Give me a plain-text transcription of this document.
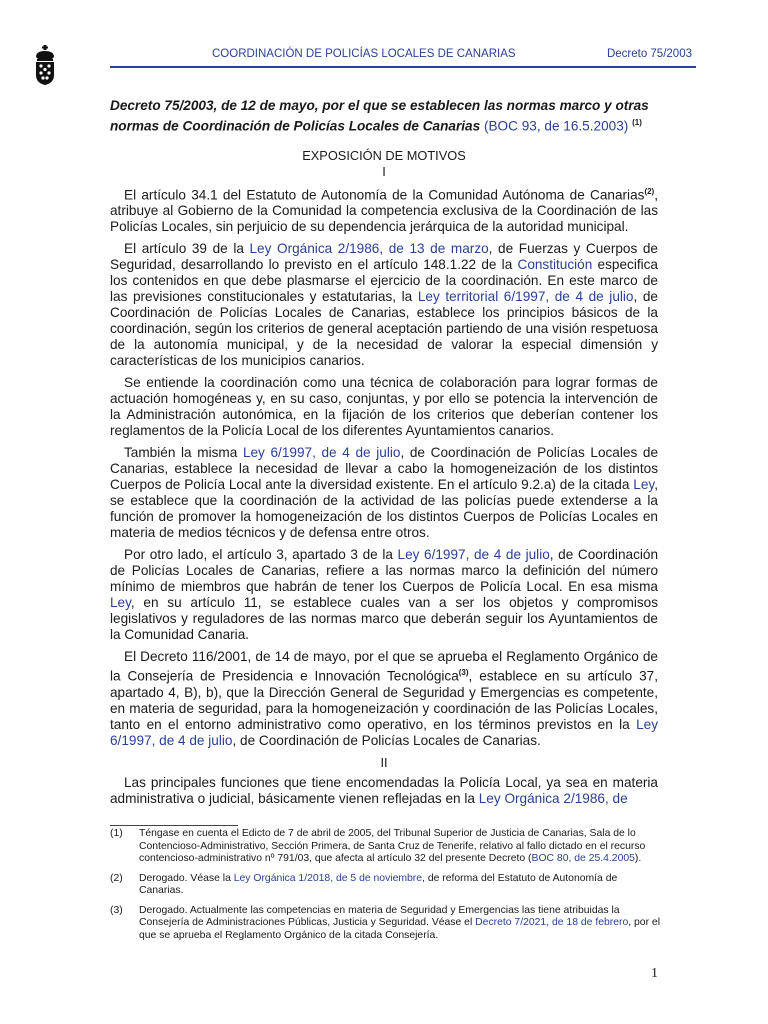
COORDINACIÓN DE POLICÍAS LOCALES DE CANARIAS	Decreto 75/2003

Decreto 75/2003, de 12 de mayo, por el que se establecen las normas marco y otras normas de Coordinación de Policías Locales de Canarias (BOC 93, de 16.5.2003) $^{(1)}$

EXPOSICIÓN DE MOTIVOS

I

El artículo 34.1 del Estatuto de Autonomía de la Comunidad Autónoma de Canarias$^{(2)}$, atribuye al Gobierno de la Comunidad la competencia exclusiva de la Coordinación de las Policías Locales, sin perjuicio de su dependencia jerárquica de la autoridad municipal.

El artículo 39 de la Ley Orgánica 2/1986, de 13 de marzo, de Fuerzas y Cuerpos de Seguridad, desarrollando lo previsto en el artículo 148.1.22 de la Constitución especifica los contenidos en que debe plasmarse el ejercicio de la coordinación. En este marco de las previsiones constitucionales y estatutarias, la Ley territorial 6/1997, de 4 de julio, de Coordinación de Policías Locales de Canarias, establece los principios básicos de la coordinación, según los criterios de general aceptación partiendo de una visión respetuosa de la autonomía municipal, y de la necesidad de valorar la especial dimensión y características de los municipios canarios.

Se entiende la coordinación como una técnica de colaboración para lograr formas de actuación homogéneas y, en su caso, conjuntas, y por ello se potencia la intervención de la Administración autonómica, en la fijación de los criterios que deberían contener los reglamentos de la Policía Local de los diferentes Ayuntamientos canarios.

También la misma Ley 6/1997, de 4 de julio, de Coordinación de Policías Locales de Canarias, establece la necesidad de llevar a cabo la homogeneización de los distintos Cuerpos de Policía Local ante la diversidad existente. En el artículo 9.2.a) de la citada Ley, se establece que la coordinación de la actividad de las policías puede extenderse a la función de promover la homogeneización de los distintos Cuerpos de Policías Locales en materia de medios técnicos y de defensa entre otros.

Por otro lado, el artículo 3, apartado 3 de la Ley 6/1997, de 4 de julio, de Coordinación de Policías Locales de Canarias, refiere a las normas marco la definición del número mínimo de miembros que habrán de tener los Cuerpos de Policía Local. En esa misma Ley, en su artículo 11, se establece cuales van a ser los objetos y compromisos legislativos y reguladores de las normas marco que deberán seguir los Ayuntamientos de la Comunidad Canaria.

El Decreto 116/2001, de 14 de mayo, por el que se aprueba el Reglamento Orgánico de la Consejería de Presidencia e Innovación Tecnológica$^{(3)}$, establece en su artículo 37, apartado 4, B), b), que la Dirección General de Seguridad y Emergencias es competente, en materia de seguridad, para la homogeneización y coordinación de las Policías Locales, tanto en el entorno administrativo como operativo, en los términos previstos en la Ley 6/1997, de 4 de julio, de Coordinación de Policías Locales de Canarias.

II

Las principales funciones que tiene encomendadas la Policía Local, ya sea en materia administrativa o judicial, básicamente vienen reflejadas en la Ley Orgánica 2/1986, de

(1)	Téngase en cuenta el Edicto de 7 de abril de 2005, del Tribunal Superior de Justicia de Canarias, Sala de lo Contencioso-Administrativo, Sección Primera, de Santa Cruz de Tenerife, relativo al fallo dictado en el recurso contencioso-administrativo nº 791/03, que afecta al artículo 32 del presente Decreto (BOC 80, de 25.4.2005).
(2)	Derogado. Véase la Ley Orgánica 1/2018, de 5 de noviembre, de reforma del Estatuto de Autonomía de Canarias.
(3)	Derogado. Actualmente las competencias en materia de Seguridad y Emergencias las tiene atribuidas la Consejería de Administraciones Públicas, Justicia y Seguridad. Véase el Decreto 7/2021, de 18 de febrero, por el que se aprueba el Reglamento Orgánico de la citada Consejería.
1
